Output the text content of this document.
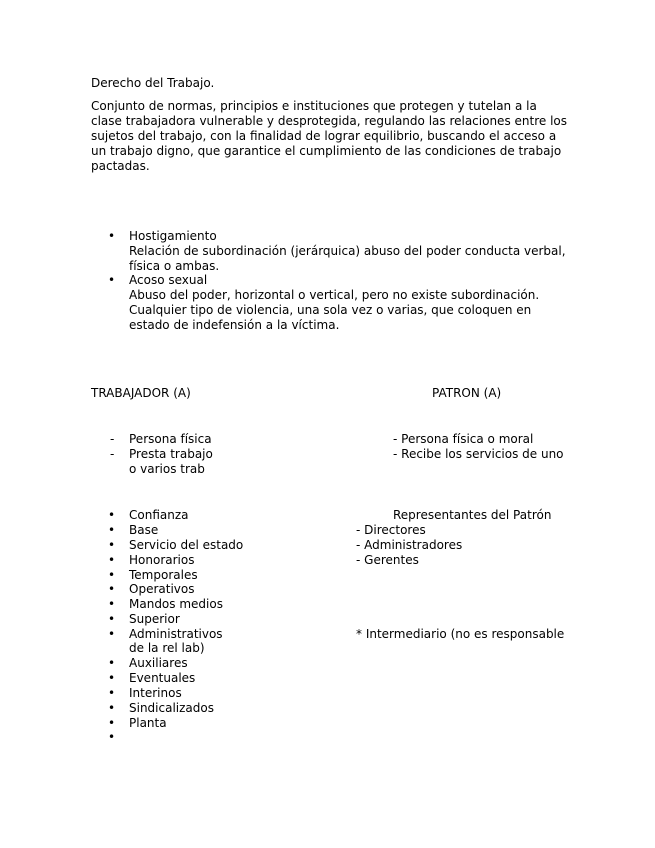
Derecho del Trabajo.
Conjunto de normas, principios e instituciones que protegen y tutelan a la clase trabajadora vulnerable y desprotegida, regulando las relaciones entre los sujetos del trabajo, con la finalidad de lograr equilibrio, buscando el acceso a un trabajo digno, que garantice el cumplimiento de las condiciones de trabajo pactadas.
• Hostigamiento
Relación de subordinación (jerárquica) abuso del poder conducta verbal,
física o ambas.
• Acoso sexual
Abuso del poder, horizontal o vertical, pero no existe subordinación.
Cualquier tipo de violencia, una sola vez o varias, que coloquen en
estado de indefensión a la víctima.
TRABAJADOR (A)	PATRON (A)
- Persona física
- Presta trabajo
o varios trab
- Persona física o moral
- Recibe los servicios de uno
• Confianza
• Base
• Servicio del estado
• Honorarios
• Temporales
• Operativos
• Mandos medios
• Superior
• Administrativos
de la rel lab)
• Auxiliares
• Eventuales
• Interinos
• Sindicalizados
• Planta
•
Representantes del Patrón
- Directores
- Administradores
- Gerentes
* Intermediario (no es responsable
